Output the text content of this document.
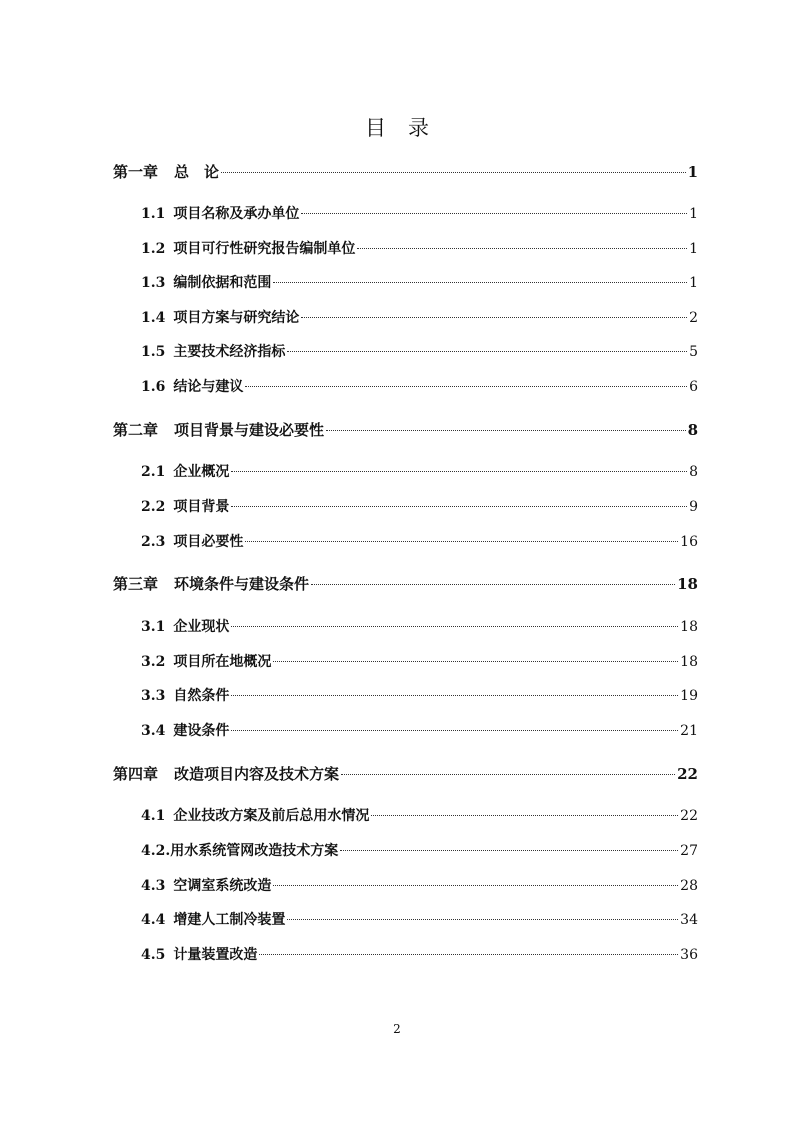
目录
第一章 总　论	1
1.1 项目名称及承办单位	1
1.2 项目可行性研究报告编制单位	1
1.3 编制依据和范围	1
1.4 项目方案与研究结论	2
1.5 主要技术经济指标	5
1.6 结论与建议	6
第二章 项目背景与建设必要性	8
2.1 企业概况	8
2.2 项目背景	9
2.3 项目必要性	16
第三章 环境条件与建设条件	18
3.1 企业现状	18
3.2 项目所在地概况	18
3.3 自然条件	19
3.4 建设条件	21
第四章 改造项目内容及技术方案	22
4.1 企业技改方案及前后总用水情况	22
4.2. 用水系统管网改造技术方案	27
4.3 空调室系统改造	28
4.4 增建人工制冷装置	34
4.5 计量装置改造	36
2
